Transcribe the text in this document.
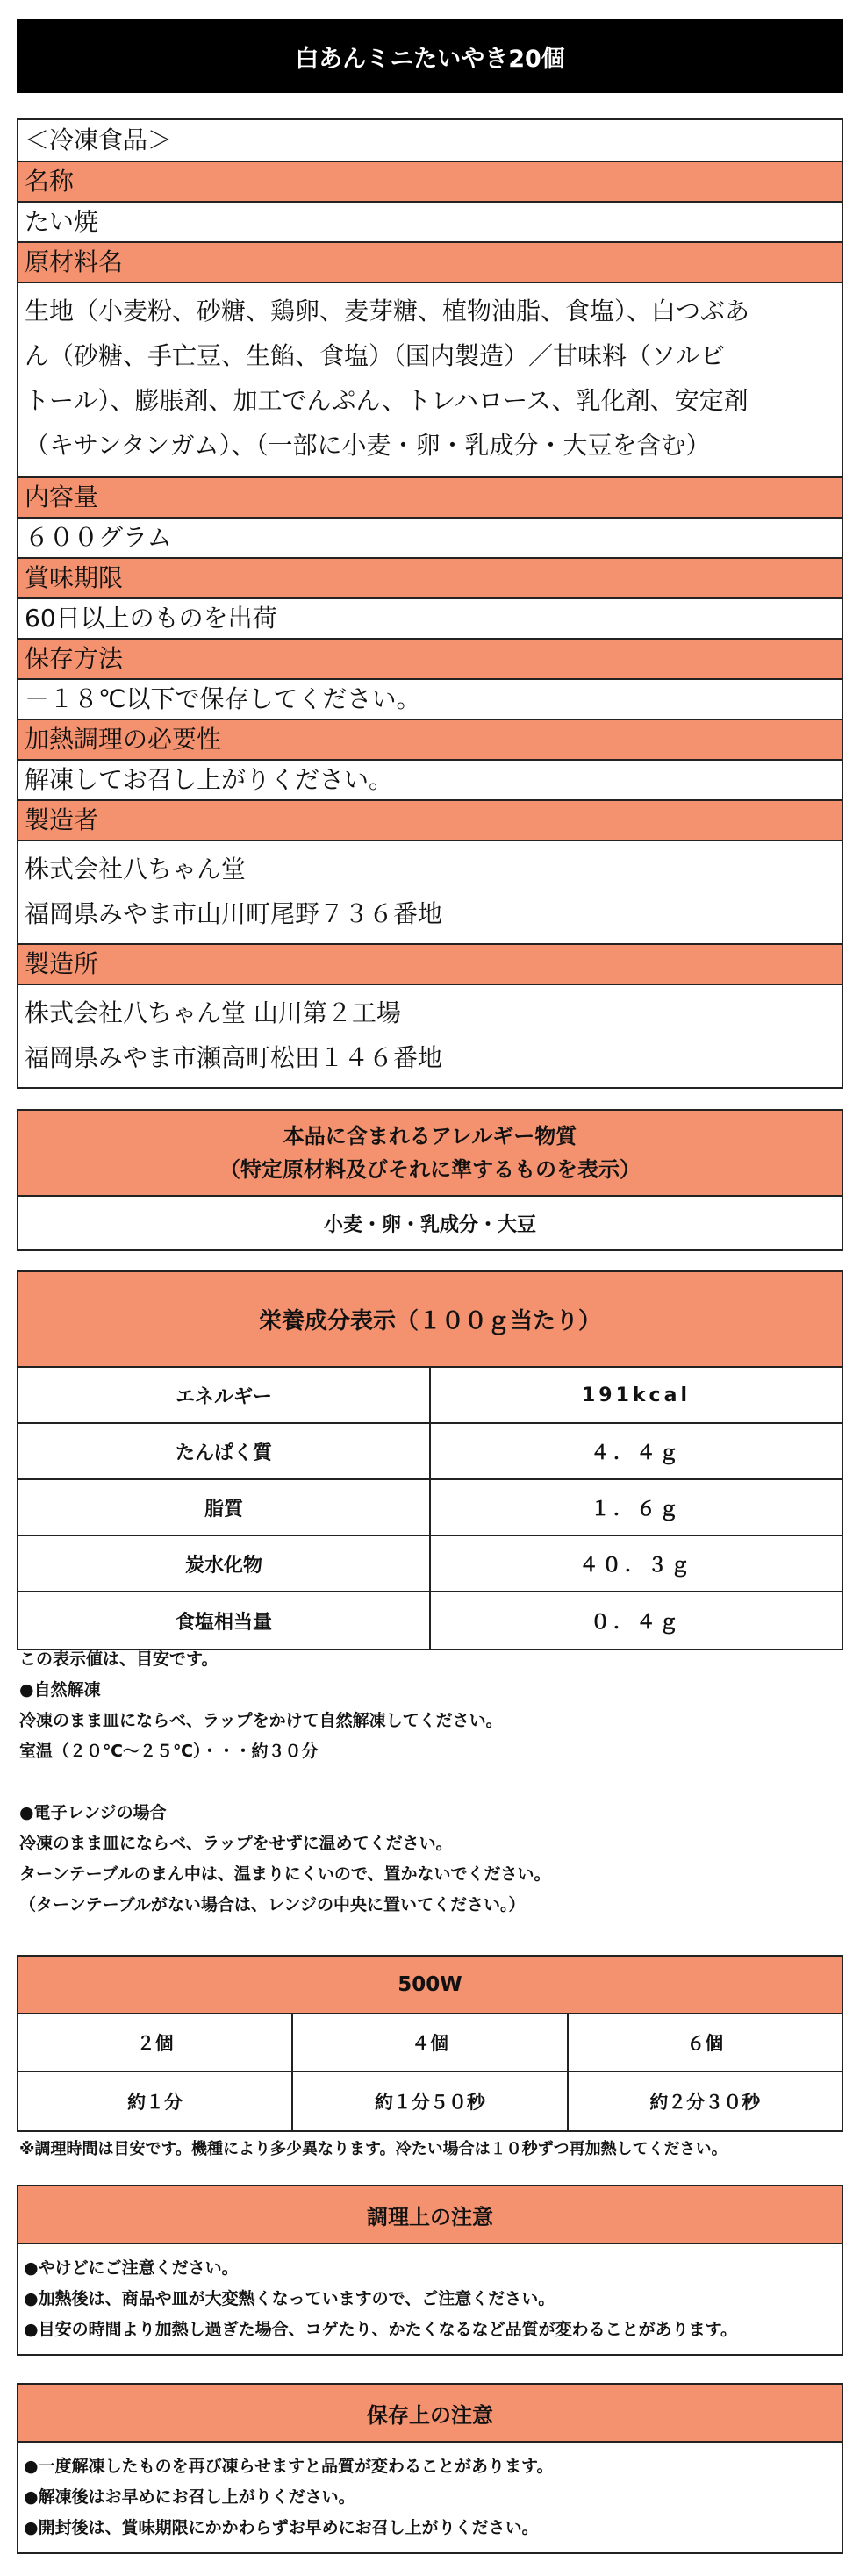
白あんミニたいやき20個
＜冷凍食品＞
名称
たい焼
原材料名
生地（小麦粉、砂糖、鶏卵、麦芽糖、植物油脂、食塩）、白つぶあ
ん（砂糖、手亡豆、生餡、食塩）（国内製造）／甘味料（ソルビ
トール）、膨脹剤、加工でんぷん、トレハロース、乳化剤、安定剤
（キサンタンガム）、（一部に小麦・卵・乳成分・大豆を含む）
内容量
６００グラム
賞味期限
60日以上のものを出荷
保存方法
－１８℃以下で保存してください。
加熱調理の必要性
解凍してお召し上がりください。
製造者
株式会社八ちゃん堂
福岡県みやま市山川町尾野７３６番地
製造所
株式会社八ちゃん堂 山川第２工場
福岡県みやま市瀬高町松田１４６番地
本品に含まれるアレルギー物質
（特定原材料及びそれに準するものを表示）
小麦・卵・乳成分・大豆
栄養成分表示（１００ｇ当たり）
エネルギー	191kcal
たんぱく質	４．４ｇ
脂質	１．６ｇ
炭水化物	４０．３ｇ
食塩相当量	０．４ｇ
この表示値は、目安です。
●自然解凍
冷凍のまま皿にならべ、ラップをかけて自然解凍してください。
室温（２０℃～２５℃）・・・約３０分
●電子レンジの場合
冷凍のまま皿にならべ、ラップをせずに温めてください。
ターンテーブルのまん中は、温まりにくいので、置かないでください。
（ターンテーブルがない場合は、レンジの中央に置いてください。）
500W
２個	４個	６個
約１分	約１分５０秒	約２分３０秒
※調理時間は目安です。機種により多少異なります。冷たい場合は１０秒ずつ再加熱してください。
調理上の注意
●やけどにご注意ください。
●加熱後は、商品や皿が大変熱くなっていますので、ご注意ください。
●目安の時間より加熱し過ぎた場合、コゲたり、かたくなるなど品質が変わることがあります。
保存上の注意
●一度解凍したものを再び凍らせますと品質が変わることがあります。
●解凍後はお早めにお召し上がりください。
●開封後は、賞味期限にかかわらずお早めにお召し上がりください。
